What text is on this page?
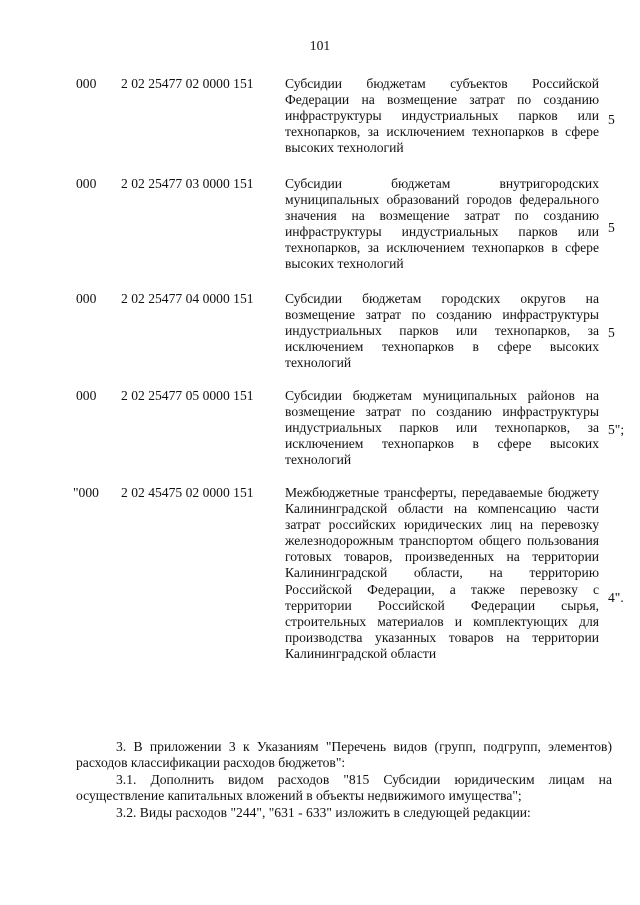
101
000 2 02 25477 02 0000 151 Субсидии бюджетам субъектов Российской Федерации на возмещение затрат по созданию инфраструктуры индустриальных парков или технопарков, за исключением технопарков в сфере высоких технологий
5
000 2 02 25477 03 0000 151 Субсидии бюджетам внутригородских муниципальных образований городов федерального значения на возмещение затрат по созданию инфраструктуры индустриальных парков или технопарков, за исключением технопарков в сфере высоких технологий
5
000 2 02 25477 04 0000 151 Субсидии бюджетам городских округов на возмещение затрат по созданию инфраструктуры индустриальных парков или технопарков, за исключением технопарков в сфере высоких технологий
5
000 2 02 25477 05 0000 151 Субсидии бюджетам муниципальных районов на возмещение затрат по созданию инфраструктуры индустриальных парков или технопарков, за исключением технопарков в сфере высоких технологий
5";
"000 2 02 45475 02 0000 151 Межбюджетные трансферты, передаваемые бюджету Калининградской области на компенсацию части затрат российских юридических лиц на перевозку железнодорожным транспортом общего пользования готовых товаров, произведенных на территории Калининградской области, на территорию Российской Федерации, а также перевозку с территории Российской Федерации сырья, строительных материалов и комплектующих для производства указанных товаров на территории Калининградской области
4".
3. В приложении 3 к Указаниям "Перечень видов (групп, подгрупп, элементов) расходов классификации расходов бюджетов":
3.1. Дополнить видом расходов "815 Субсидии юридическим лицам на осуществление капитальных вложений в объекты недвижимого имущества";
3.2. Виды расходов "244", "631 - 633" изложить в следующей редакции:
